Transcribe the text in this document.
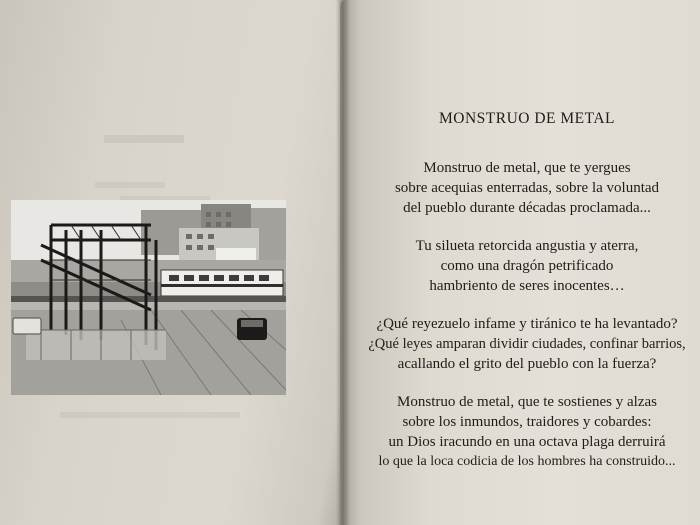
MONSTRUO DE METAL
Monstruo de metal, que te yergues
sobre acequias enterradas, sobre la voluntad
del pueblo durante décadas proclamada...
Tu silueta retorcida angustia y aterra,
como una dragón petrificado
hambriento de seres inocentes…
¿Qué reyezuelo infame y tiránico te ha levantado?
¿Qué leyes amparan dividir ciudades, confinar barrios,
acallando el grito del pueblo con la fuerza?
Monstruo de metal, que te sostienes y alzas
sobre los inmundos, traidores y cobardes:
un Dios iracundo en una octava plaga derruirá
lo que la loca codicia de los hombres ha construido...
